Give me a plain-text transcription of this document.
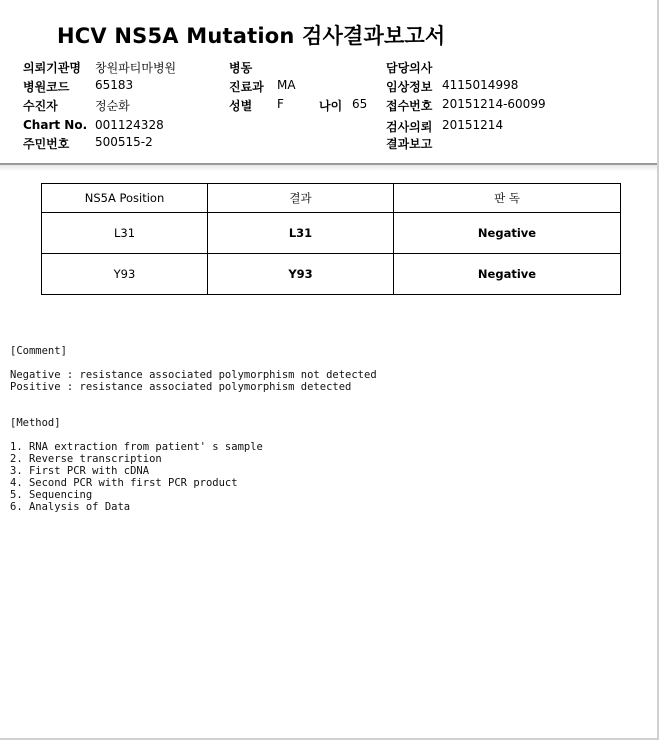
HCV NS5A Mutation 검사결과보고서
의뢰기관명 창원파티마병원
병원코드 65183
수진자	정순화
Chart No. 001124328
주민번호 500515-2
병동
진료과 MA
성별 F	나이 65
담당의사
임상정보 4115014998
접수번호 20151214-60099
검사의뢰 20151214
결과보고
NS5A Position	결과	판 독
L31	L31	Negative
Y93	Y93	Negative
[Comment]
Negative : resistance associated polymorphism not detected
Positive : resistance associated polymorphism detected
[Method]
1. RNA extraction from patient' s sample
2. Reverse transcription
3. First PCR with cDNA
4. Second PCR with first PCR product
5. Sequencing
6. Analysis of Data
